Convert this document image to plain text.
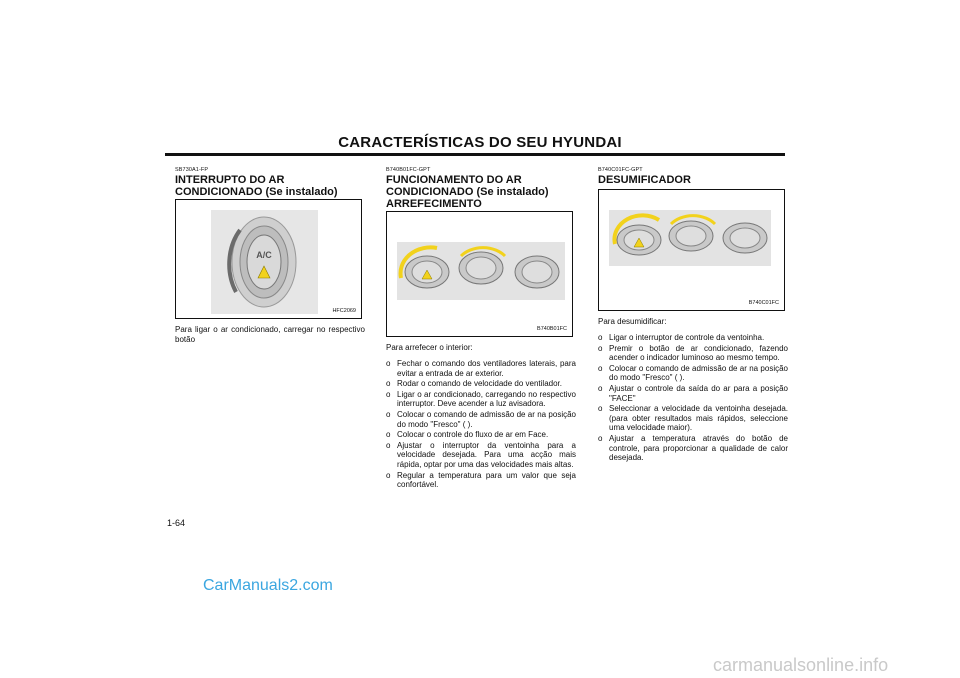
CARACTERÍSTICAS DO SEU HYUNDAI
SB730A1-FP
INTERRUPTO DO AR CONDICIONADO (Se instalado)
A/C
HFC2069
Para ligar o ar condicionado, carregar no respectivo botão
B740B01FC-GPT
FUNCIONAMENTO DO AR CONDICIONADO (Se instalado) ARREFECIMENTO
B740B01FC
Para arrefecer o interior:
o Fechar o comando dos ventiladores laterais, para evitar a entrada de ar exterior.
o Rodar o comando de velocidade do ventilador.
o Ligar o ar condicionado, carregando no respectivo interruptor. Deve acender a luz avisadora.
o Colocar o comando de admissão de ar na posição do modo "Fresco" ( ).
o Colocar o controle do fluxo de ar em Face.
o Ajustar o interruptor da ventoinha para a velocidade desejada. Para uma acção mais rápida, optar por uma das velocidades mais altas.
o Regular a temperatura para um valor que seja confortável.
B740C01FC-GPT
DESUMIFICADOR
B740C01FC
Para desumidificar:
o Ligar o interruptor de controle da ventoinha.
o Premir o botão de ar condicionado, fazendo acender o indicador luminoso ao mesmo tempo.
o Colocar o comando de admissão de ar na posição do modo "Fresco" ( ).
o Ajustar o controle da saída do ar para a posição "FACE"
o Seleccionar a velocidade da ventoinha desejada. (para obter resultados mais rápidos, seleccione uma velocidade maior).
o Ajustar a temperatura através do botão de controle, para proporcionar a qualidade de calor desejada.
1-64
CarManuals2.com
carmanualsonline.info
